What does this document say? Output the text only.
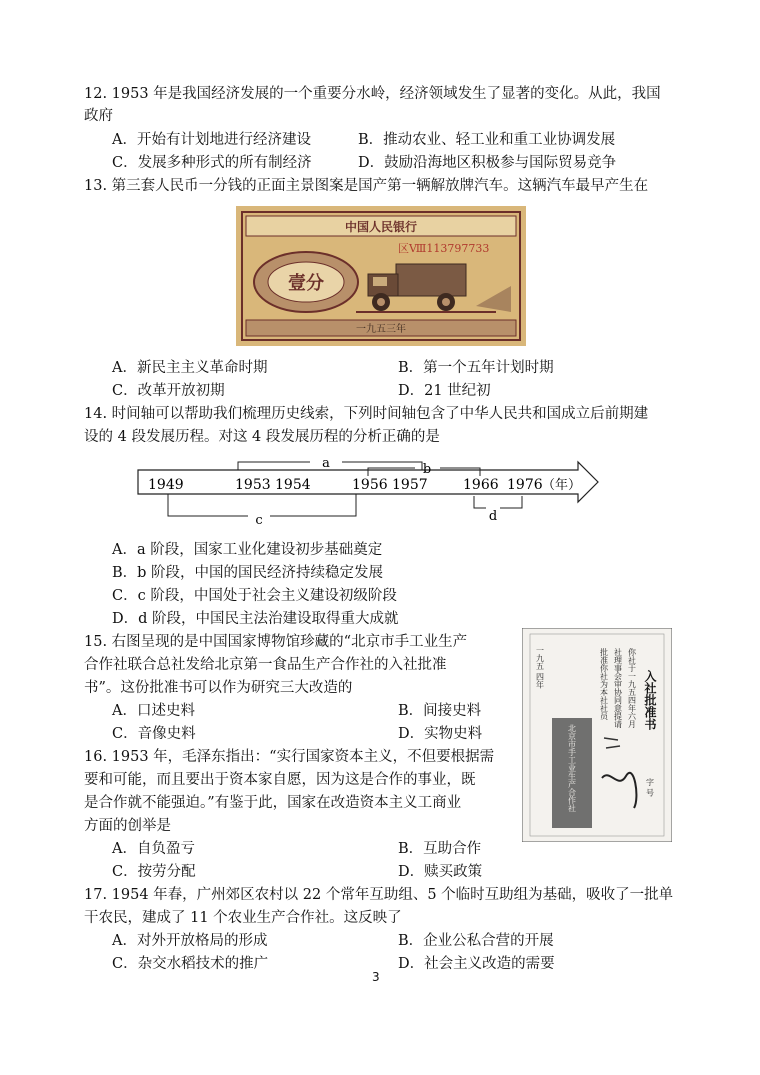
12. 1953 年是我国经济发展的一个重要分水岭，经济领域发生了显著的变化。从此，我国
政府
A．开始有计划地进行经济建设	B．推动农业、轻工业和重工业协调发展
C．发展多种形式的所有制经济	D．鼓励沿海地区积极参与国际贸易竞争
13. 第三套人民币一分钱的正面主景图案是国产第一辆解放牌汽车。这辆汽车最早产生在
中国人民银行
区Ⅷ113797733
壹分
一九五三年
A．新民主主义革命时期	B．第一个五年计划时期
C．改革开放初期	D．21 世纪初
14. 时间轴可以帮助我们梳理历史线索，下列时间轴包含了中华人民共和国成立后前期建
设的 4 段发展历程。对这 4 段发展历程的分析正确的是
a	b
1949	1953 1954	1956 1957	1966 1976 （年）
c	d
A．a 阶段，国家工业化建设初步基础奠定
B．b 阶段，中国的国民经济持续稳定发展
C．c 阶段，中国处于社会主义建设初级阶段
D．d 阶段，中国民主法治建设取得重大成就
15. 右图呈现的是中国国家博物馆珍藏的“北京市手工业生产
合作社联合总社发给北京第一食品生产合作社的入社批准
书”。这份批准书可以作为研究三大改造的
A．口述史料	B．间接史料
C．音像史料	D．实物史料
入社批准书
你社于一九五四年六月
社理事会审协同意提请
批准你社为本社社员
一九五 四年
字 号
北京市手工业生产合作社
16. 1953 年，毛泽东指出：“实行国家资本主义，不但要根据需
要和可能，而且要出于资本家自愿，因为这是合作的事业，既
是合作就不能强迫。”有鉴于此，国家在改造资本主义工商业
方面的创举是
A．自负盈亏	B．互助合作
C．按劳分配	D．赎买政策
17. 1954 年春，广州郊区农村以 22 个常年互助组、5 个临时互助组为基础，吸收了一批单
干农民，建成了 11 个农业生产合作社。这反映了
A．对外开放格局的形成	B．企业公私合营的开展
C．杂交水稻技术的推广	D．社会主义改造的需要
3
